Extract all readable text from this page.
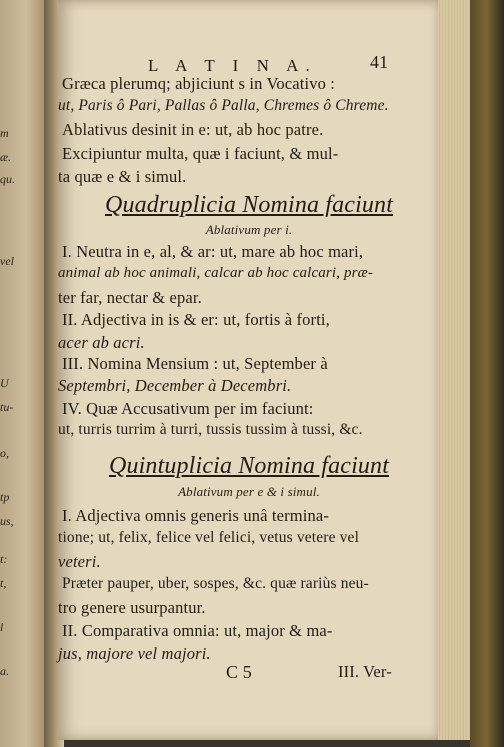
m
æ.
qu.
vel
U
tu-
o,
tp
us,
t:
t,
l
a.
L A T I N A.	41
Græca plerumq; abjiciunt s in Vocativo :
ut, Paris ô Pari, Pallas ô Palla, Chremes ô Chreme.
Ablativus desinit in e: ut, ab hoc patre.
Excipiuntur multa, quæ i faciunt, & mul-
ta quæ e & i simul.
Quadruplicia Nomina faciunt
Ablativum per i.
I. Neutra in e, al, & ar: ut, mare ab hoc mari,
animal ab hoc animali, calcar ab hoc calcari, præ-
ter far, nectar & epar.
II. Adjectiva in is & er: ut, fortis à forti,
acer ab acri.
III. Nomina Mensium : ut, September à
Septembri, December à Decembri.
IV. Quæ Accusativum per im faciunt:
ut, turris turrim à turri, tussis tussim à tussi, &c.
Quintuplicia Nomina faciunt
Ablativum per e & i simul.
I. Adjectiva omnis generis unâ termina-
tione; ut, felix, felice vel felici, vetus vetere vel
veteri.
Præter pauper, uber, sospes, &c. quæ rariùs neu-
tro genere usurpantur.
II. Comparativa omnia: ut, major & ma-
jus, majore vel majori.
C 5	III. Ver-
